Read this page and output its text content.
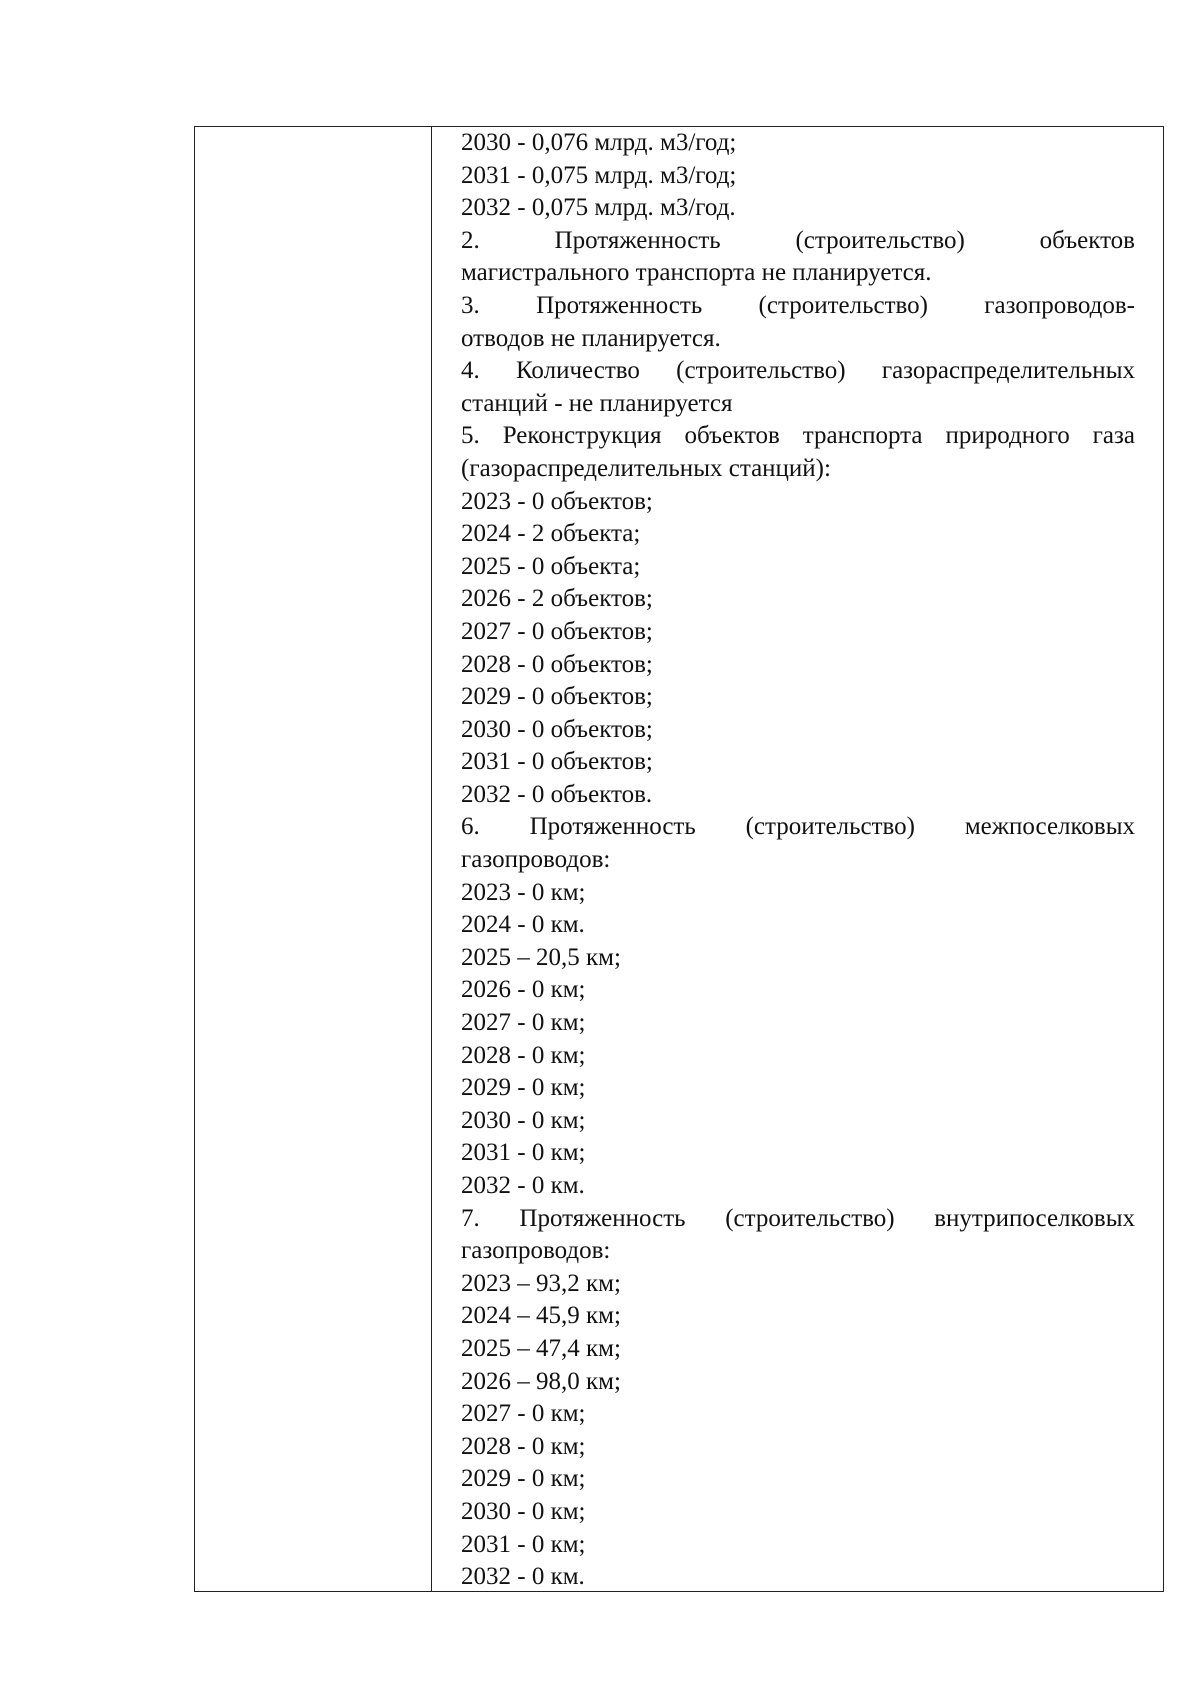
2030 - 0,076 млрд. м3/год;
2031 - 0,075 млрд. м3/год;
2032 - 0,075 млрд. м3/год.
2. Протяженность (строительство) объектов
магистрального транспорта не планируется.
3. Протяженность (строительство) газопроводов-
отводов не планируется.
4. Количество (строительство) газораспределительных
станций - не планируется
5. Реконструкция объектов транспорта природного газа
(газораспределительных станций):
2023 - 0 объектов;
2024 - 2 объекта;
2025 - 0 объекта;
2026 - 2 объектов;
2027 - 0 объектов;
2028 - 0 объектов;
2029 - 0 объектов;
2030 - 0 объектов;
2031 - 0 объектов;
2032 - 0 объектов.
6. Протяженность (строительство) межпоселковых
газопроводов:
2023 - 0 км;
2024 - 0 км.
2025 – 20,5 км;
2026 - 0 км;
2027 - 0 км;
2028 - 0 км;
2029 - 0 км;
2030 - 0 км;
2031 - 0 км;
2032 - 0 км.
7. Протяженность (строительство) внутрипоселковых
газопроводов:
2023 – 93,2 км;
2024 – 45,9 км;
2025 – 47,4 км;
2026 – 98,0 км;
2027 - 0 км;
2028 - 0 км;
2029 - 0 км;
2030 - 0 км;
2031 - 0 км;
2032 - 0 км.
